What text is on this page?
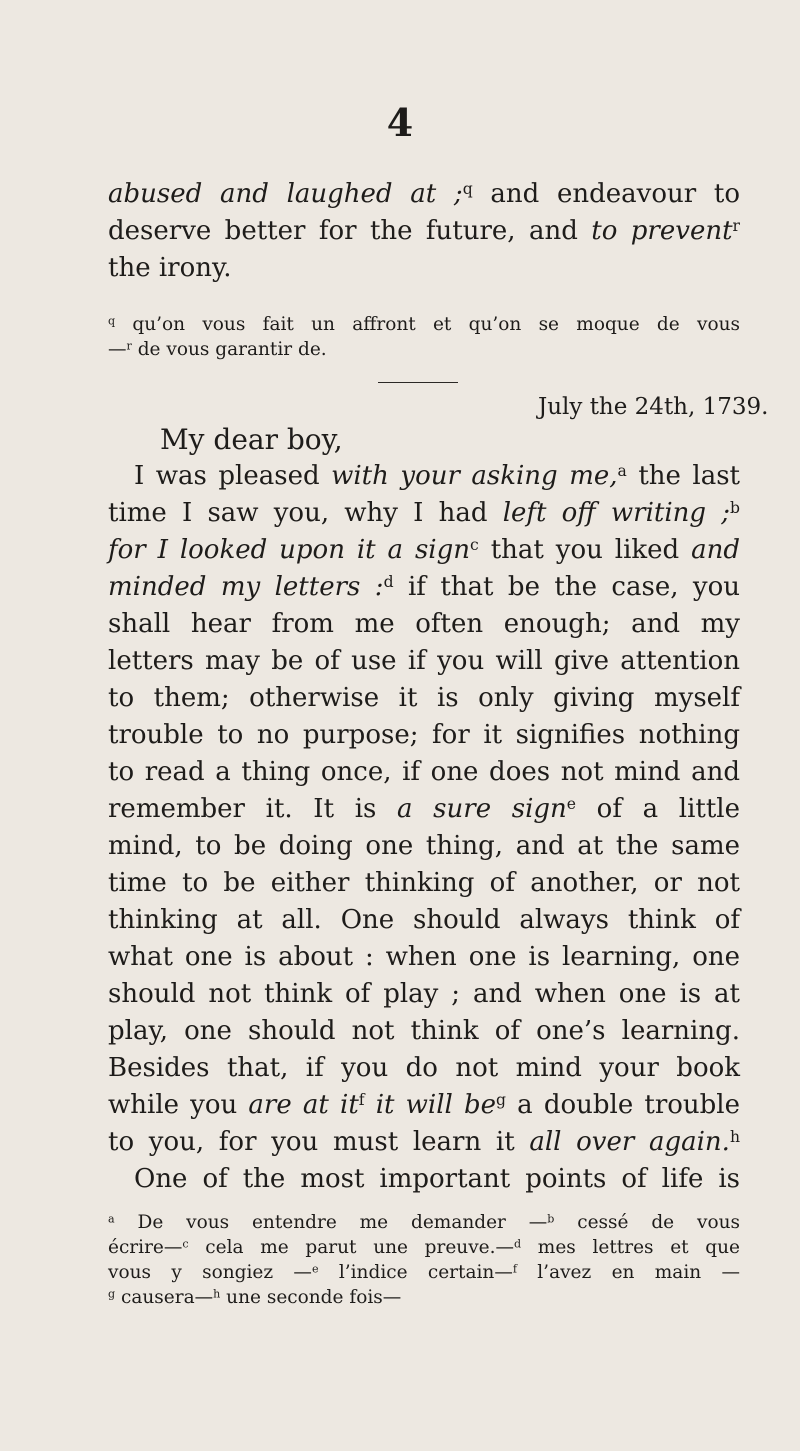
4
abused and laughed at ;$^q$ and endeavour to
deserve better for the future, and to prevent$^r$
the irony.
$^q$ qu’on vous fait un affront et qu’on se moque de vous
—$^r$ de vous garantir de.
July the 24th, 1739.
My dear boy,
I was pleased with your asking me,$^a$ the last
time I saw you, why I had left off writing ;$^b$
for I looked upon it a sign$^c$ that you liked and
minded my letters :$^d$ if that be the case, you
shall hear from me often enough; and my
letters may be of use if you will give attention
to them; otherwise it is only giving myself
trouble to no purpose; for it signifies nothing
to read a thing once, if one does not mind and
remember it. It is a sure sign$^e$ of a little
mind, to be doing one thing, and at the same
time to be either thinking of another, or not
thinking at all. One should always think of
what one is about : when one is learning, one
should not think of play ; and when one is at
play, one should not think of one’s learning.
Besides that, if you do not mind your book
while you are at $it^f$ it will $be^g$ a double trouble
to you, for you must learn it all over again.$^h$
One of the most important points of life is
$^a$ De vous entendre me demander —$^b$ cessé de vous
écrire—$^c$ cela me parut une preuve.—$^d$ mes lettres et que
vous y songiez —$^e$ l’indice certain—$^f$ l’avez en main —
$^g$ causera—$^h$ une seconde fois—
